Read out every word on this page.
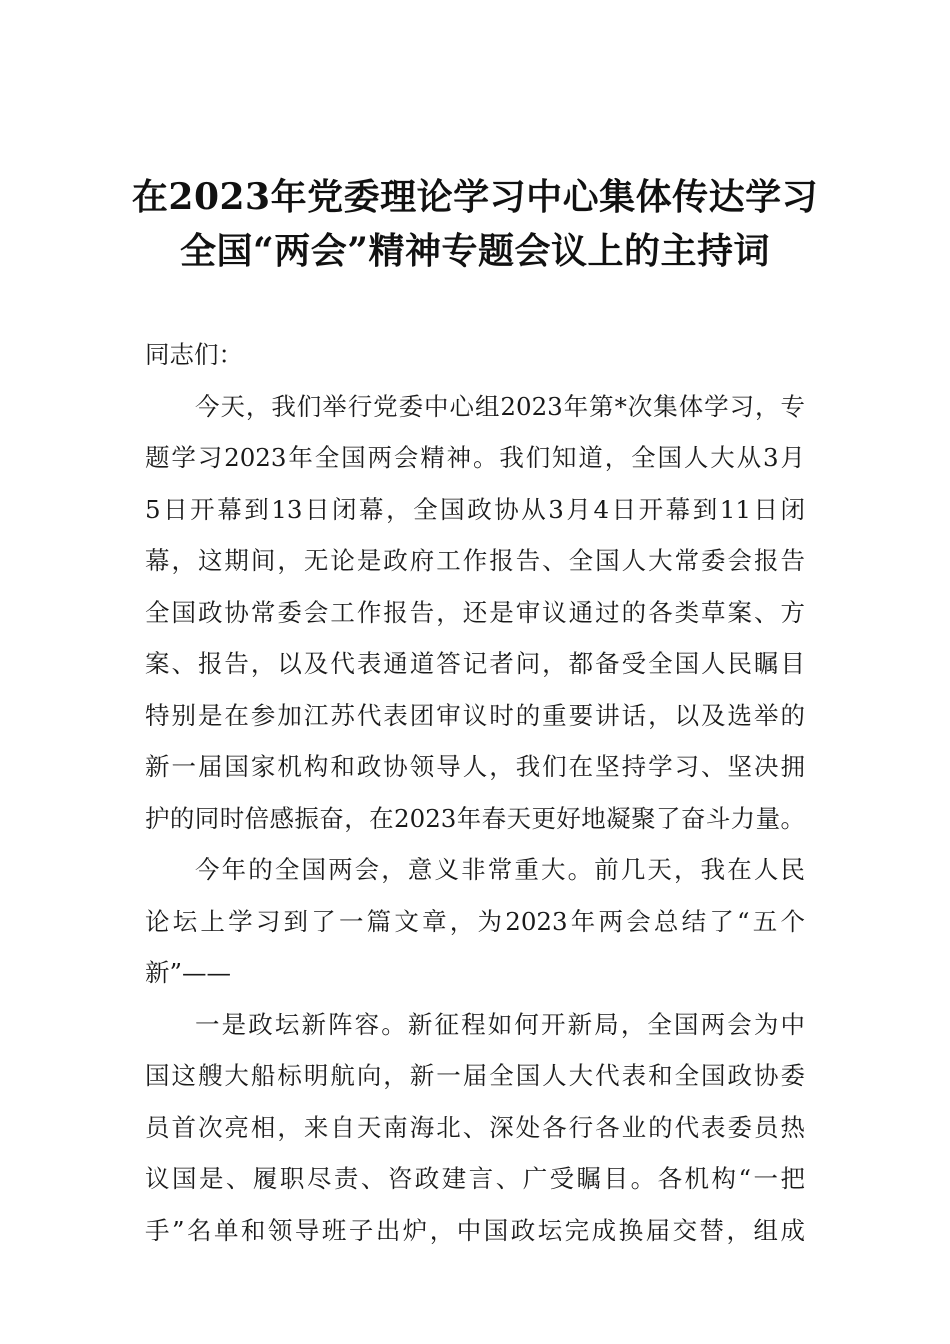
在2023年党委理论学习中心集体传达学习
全国“两会”精神专题会议上的主持词
同志们：
今天，我们举行党委中心组2023年第*次集体学习，专
题学习2023年全国两会精神。我们知道，全国人大从3月
5日开幕到13日闭幕，全国政协从3月4日开幕到11日闭
幕，这期间，无论是政府工作报告、全国人大常委会报告
全国政协常委会工作报告，还是审议通过的各类草案、方
案、报告，以及代表通道答记者问，都备受全国人民瞩目
特别是在参加江苏代表团审议时的重要讲话，以及选举的
新一届国家机构和政协领导人，我们在坚持学习、坚决拥
护的同时倍感振奋，在2023年春天更好地凝聚了奋斗力量。
今年的全国两会，意义非常重大。前几天，我在人民
论坛上学习到了一篇文章，为2023年两会总结了“五个
新”——
一是政坛新阵容。新征程如何开新局，全国两会为中
国这艘大船标明航向，新一届全国人大代表和全国政协委
员首次亮相，来自天南海北、深处各行各业的代表委员热
议国是、履职尽责、咨政建言、广受瞩目。各机构“一把
手”名单和领导班子出炉，中国政坛完成换届交替，组成
